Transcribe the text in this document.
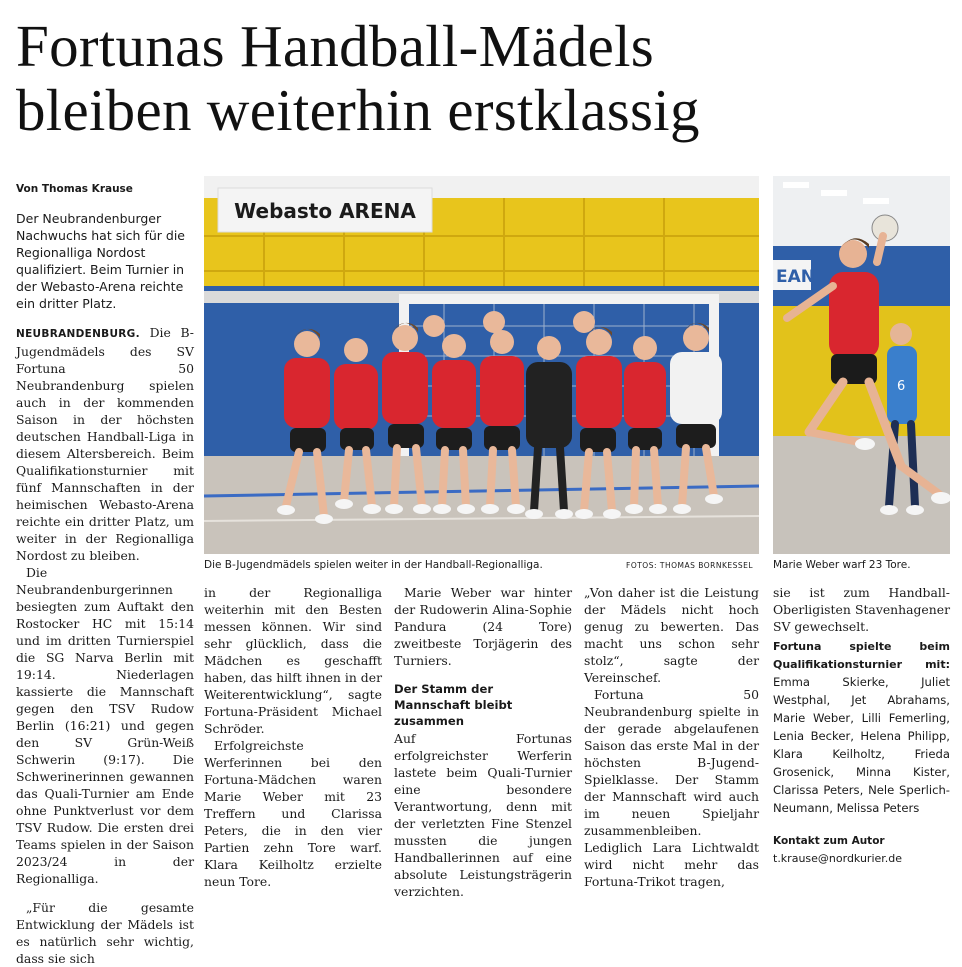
Fortunas Handball-Mädels
bleiben weiterhin erstklassig
Von Thomas Krause
Der Neubrandenburger Nachwuchs hat sich für die Regionalliga Nordost qualifiziert. Beim Turnier in der Webasto-Arena reichte ein dritter Platz.

NEUBRANDENBURG. Die B-Jugendmädels des SV Fortuna 50 Neubrandenburg spielen auch in der kommenden Saison in der höchsten deutschen Handball-Liga in diesem Altersbereich. Beim Qualifikationsturnier mit fünf Mannschaften in der heimischen Webasto-Arena reichte ein dritter Platz, um weiter in der Regionalliga Nordost zu bleiben.

Die Neubrandenburgerinnen besiegten zum Auftakt den Rostocker HC mit 15:14 und im dritten Turnierspiel die SG Narva Berlin mit 19:14. Niederlagen kassierte die Mannschaft gegen den TSV Rudow Berlin (16:21) und gegen den SV Grün-Weiß Schwerin (9:17). Die Schwerinerinnen gewannen das Quali-Turnier am Ende ohne Punktverlust vor dem TSV Rudow. Die ersten drei Teams spielen in der Saison 2023/24 in der Regionalliga.

„Für die gesamte Entwicklung der Mädels ist es natürlich sehr wichtig, dass sie sich

Webasto ARENA
EAN
6
Die B-Jugendmädels spielen weiter in der Handball-Regionalliga.	FOTOS: THOMAS BORNKESSEL Marie Weber warf 23 Tore.

in der Regionalliga weiterhin mit den Besten messen können. Wir sind sehr glücklich, dass die Mädchen es geschafft haben, das hilft ihnen in der Weiterentwicklung“, sagte Fortuna-Präsident Michael Schröder.

Erfolgreichste Werferinnen bei den Fortuna-Mädchen waren Marie Weber mit 23 Treffern und Clarissa Peters, die in den vier Partien zehn Tore warf. Klara Keilholtz erzielte neun Tore.

Marie Weber war hinter der Rudowerin Alina-Sophie Pandura (24 Tore) zweitbeste Torjägerin des Turniers.

Der Stamm der Mannschaft bleibt zusammen

Auf Fortunas erfolgreichster Werferin lastete beim Quali-Turnier eine besondere Verantwortung, denn mit der verletzten Fine Stenzel mussten die jungen Handballerinnen auf eine absolute Leistungsträgerin verzichten.

„Von daher ist die Leistung der Mädels nicht hoch genug zu bewerten. Das macht uns schon sehr stolz“, sagte der Vereinschef.

Fortuna 50 Neubrandenburg spielte in der gerade abgelaufenen Saison das erste Mal in der höchsten B-Jugend-Spielklasse. Der Stamm der Mannschaft wird auch im neuen Spieljahr zusammenbleiben. Lediglich Lara Lichtwaldt wird nicht mehr das Fortuna-Trikot tragen,

sie ist zum Handball-Oberligisten Stavenhagener SV gewechselt.

Fortuna spielte beim Qualifikationsturnier mit: Emma Skierke, Juliet Westphal, Jet Abrahams, Marie Weber, Lilli Femerling, Lenia Becker, Helena Philipp, Klara Keilholtz, Frieda Grosenick, Minna Kister, Clarissa Peters, Nele Sperlich-Neumann, Melissa Peters

Kontakt zum Autor
t.krause@nordkurier.de
